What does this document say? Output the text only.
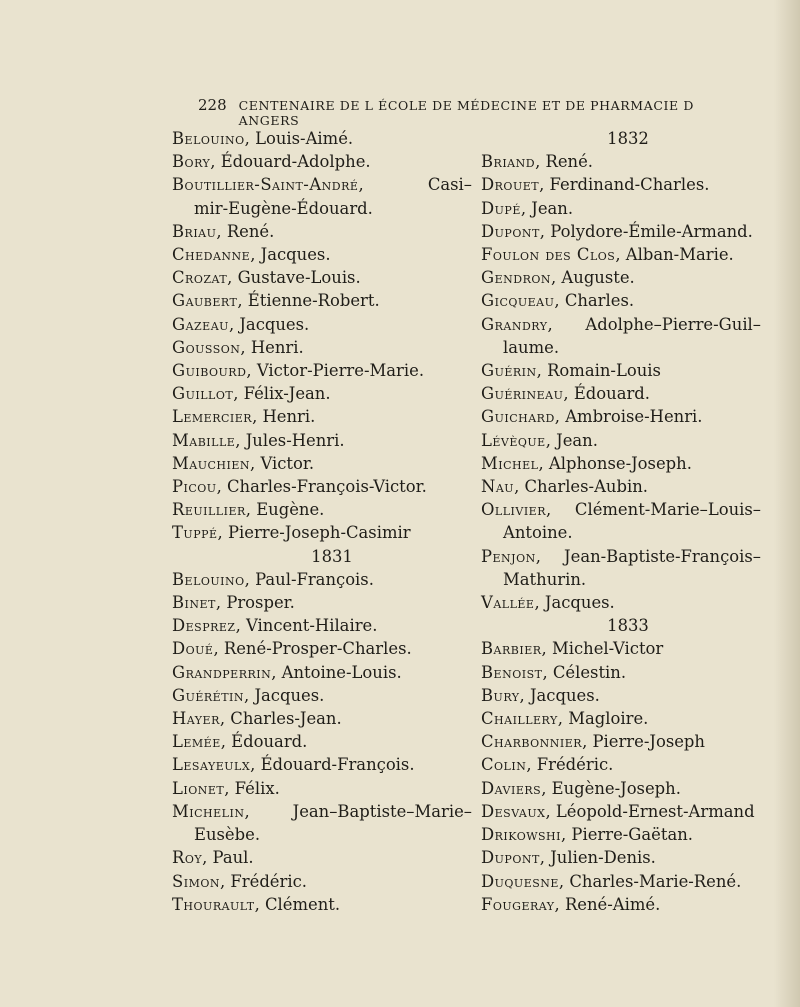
228 CENTENAIRE DE L ÉCOLE DE MÉDECINE ET DE PHARMACIE D ANGERS
Belouino, Louis-Aimé.
Bory, Édouard-Adolphe.
Boutillier-Saint-André,	Casi–
mir-Eugène-Édouard.
Briau, René.
Chedanne, Jacques.
Crozat, Gustave-Louis.
Gaubert, Étienne-Robert.
Gazeau, Jacques.
Gousson, Henri.
Guibourd, Victor-Pierre-Marie.
Guillot, Félix-Jean.
Lemercier, Henri.
Mabille, Jules-Henri.
Mauchien, Victor.
Picou, Charles-François-Victor.
Reuillier, Eugène.
Tuppé, Pierre-Joseph-Casimir
1831
Belouino, Paul-François.
Binet, Prosper.
Desprez, Vincent-Hilaire.
Doué, René-Prosper-Charles.
Grandperrin, Antoine-Louis.
Guérétin, Jacques.
Hayer, Charles-Jean.
Lemée, Édouard.
Lesayeulx, Édouard-François.
Lionet, Félix.
Michelin,	Jean–Baptiste–Marie–
Eusèbe.
Roy, Paul.
Simon, Frédéric.
Thourault, Clément.
1832
Briand, René.
Drouet, Ferdinand-Charles.
Dupé, Jean.
Dupont, Polydore-Émile-Armand.
Foulon des Clos, Alban-Marie.
Gendron, Auguste.
Gicqueau, Charles.
Grandry, Adolphe–Pierre-Guil–
laume.
Guérin, Romain-Louis
Guérineau, Édouard.
Guichard, Ambroise-Henri.
Lévèque, Jean.
Michel, Alphonse-Joseph.
Nau, Charles-Aubin.
Ollivier, Clément-Marie–Louis–
Antoine.
Penjon, Jean-Baptiste-François–
Mathurin.
Vallée, Jacques.
1833
Barbier, Michel-Victor
Benoist, Célestin.
Bury, Jacques.
Chaillery, Magloire.
Charbonnier, Pierre-Joseph
Colin, Frédéric.
Daviers, Eugène-Joseph.
Desvaux, Léopold-Ernest-Armand
Drikowshi, Pierre-Gaëtan.
Dupont, Julien-Denis.
Duquesne, Charles-Marie-René.
Fougeray, René-Aimé.
